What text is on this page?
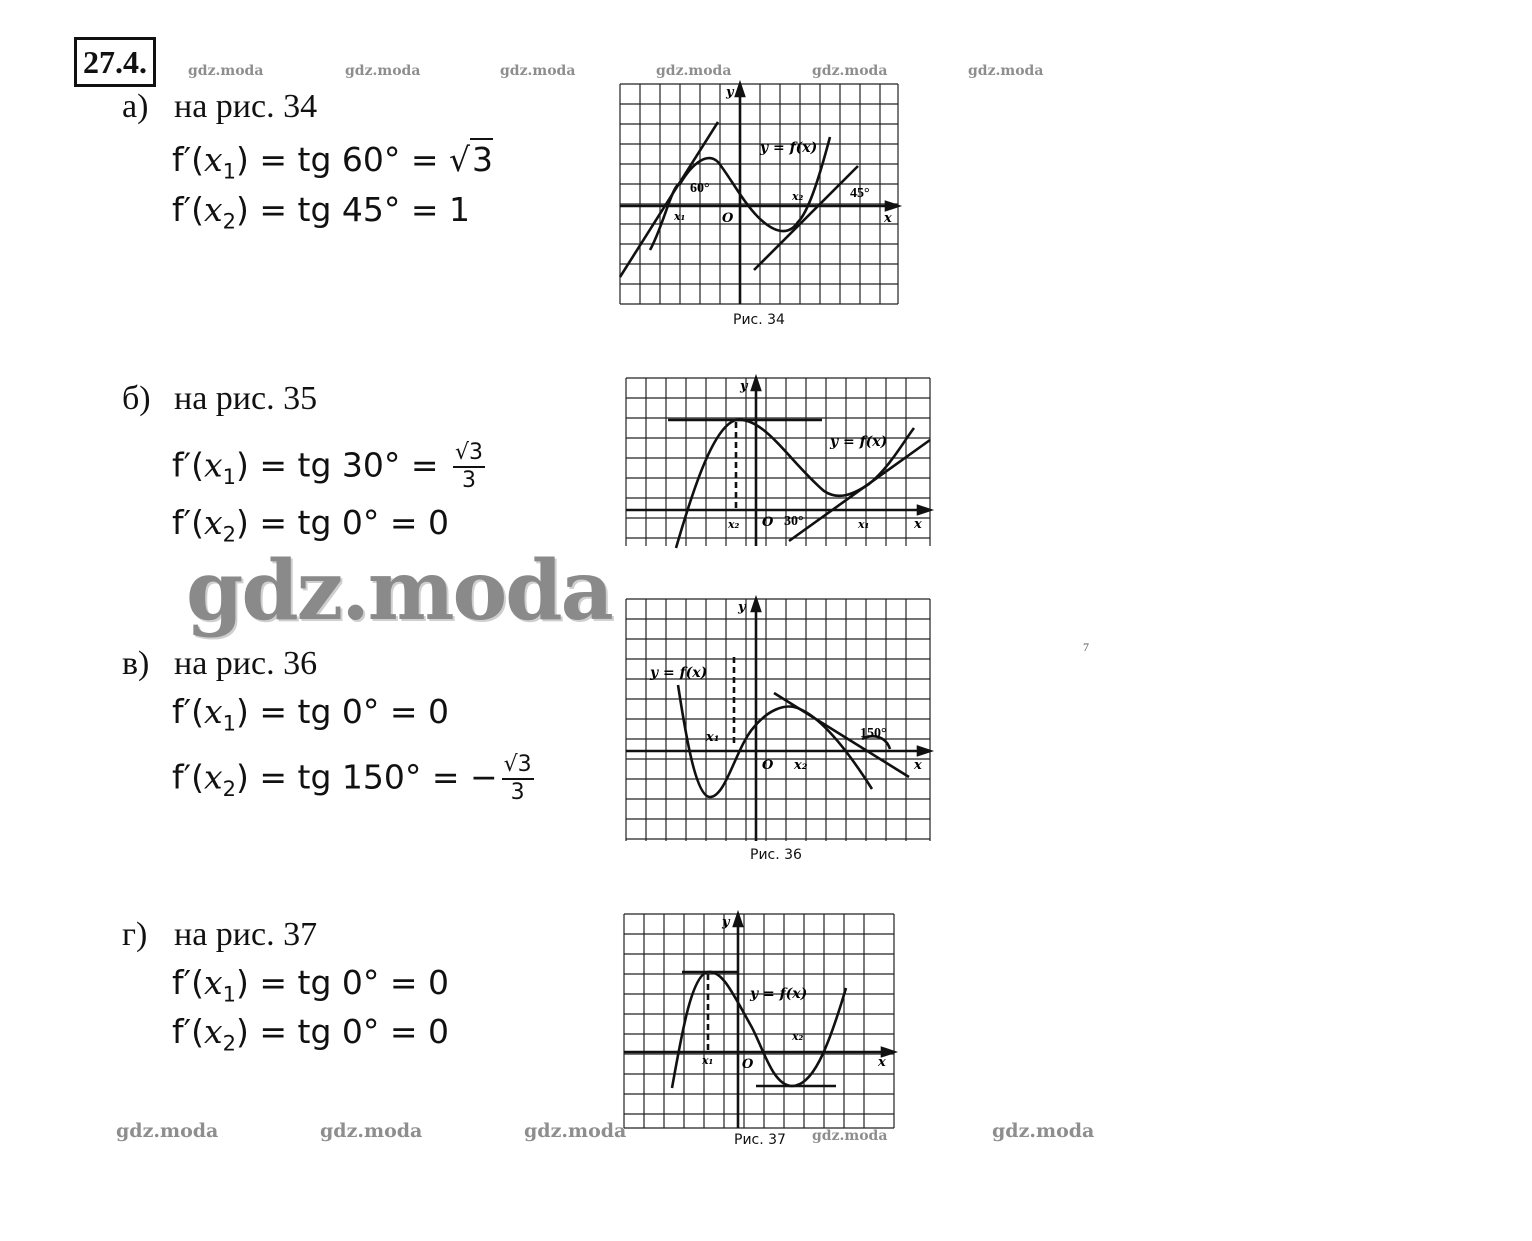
27.4.	gdz.moda	gdz.moda	gdz.moda	gdz.moda	gdz.moda	gdz.moda
а) на рис. 34
$f'(x_1)$ = tg 60° = √3
$f'(x_2)$ = tg 45° = 1
y = f(x)
60°	45°
x₁
x₂
O
y
x
Рис. 34
б) на рис. 35
$f'(x_1)$ = tg $30^\circ = \frac{√3}{3}$
$f'(x_2)$ = tg 0° = 0
y = f(x)
30°	x₁
x₂ O
y
x
gdz.moda
в) на рис. 36
$f'(x_1)$ = tg 0° = 0
$f'(x_2)$ = tg 150° = − $\frac{√3}{3}$
y = f(x)
150°
x₁
x₂
O
y
x
Рис. 36
7
г) на рис. 37
$f'(x_1)$ = tg 0° = 0
$f'(x_2)$ = tg 0° = 0
y = f(x)
x₁
x₂
O
y
x
Рис. 37
gdz.moda	gdz.moda	gdz.moda	gdz.moda	gdz.moda
